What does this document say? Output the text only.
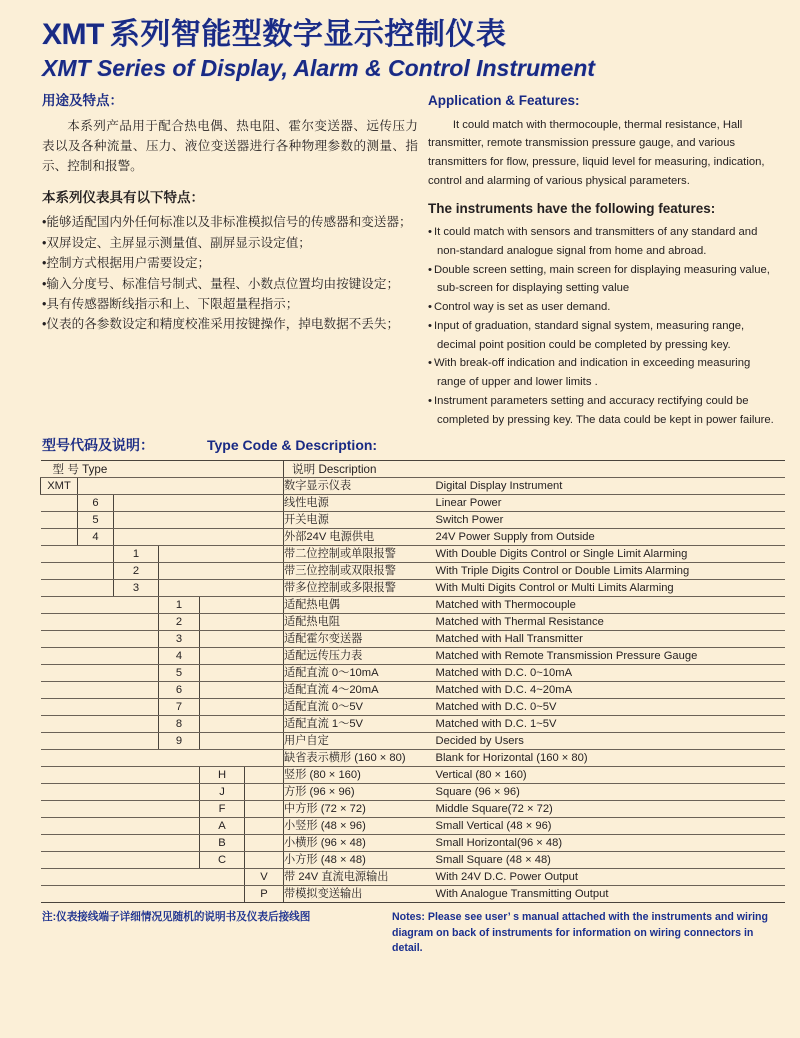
XMT 系列智能型数字显示控制仪表
XMT Series of Display, Alarm & Control Instrument
用途及特点：
本系列产品用于配合热电偶、热电阻、霍尔变送器、远传压力表以及各种流量、压力、液位变送器进行各种物理参数的测量、指示、控制和报警。
本系列仪表具有以下特点：
• 能够适配国内外任何标准以及非标准模拟信号的传感器和变送器；
• 双屏设定、主屏显示测量值、副屏显示设定值；
• 控制方式根据用户需要设定；
• 输入分度号、标准信号制式、量程、小数点位置均由按键设定；
• 具有传感器断线指示和上、下限超量程指示；
• 仪表的各参数设定和精度校准采用按键操作，掉电数据不丢失；
Application & Features:
It could match with thermocouple, thermal resistance, Hall transmitter, remote transmission pressure gauge, and various transmitters for flow, pressure, liquid level for measuring, indication, control and alarming of various physical parameters.
The instruments have the following features:
• It could match with sensors and transmitters of any standard and non-standard analogue signal from home and abroad.
• Double screen setting, main screen for displaying measuring value, sub-screen for displaying setting value
• Control way is set as user demand.
• Input of graduation, standard signal system, measuring range, decimal point position could be completed by pressing key.
• With break-off indication and indication in exceeding measuring range of upper and lower limits .
• Instrument parameters setting and accuracy rectifying could be completed by pressing key. The data could be kept in power failure.
型号代码及说明：	Type Code & Description:
型 号 Type						说明 Description	
XMT						数字显示仪表	Digital Display Instrument
	6					线性电源	Linear Power
	5					开关电源	Switch Power
	4					外部24V 电源供电	24V Power Supply from Outside
		1				带二位控制或单限报警	With Double Digits Control or Single Limit Alarming
		2				带三位控制或双限报警	With Triple Digits Control or Double Limits Alarming
		3				带多位控制或多限报警	With Multi Digits Control or Multi Limits Alarming
			1			适配热电偶	Matched with Thermocouple
			2			适配热电阻	Matched with Thermal Resistance
			3			适配霍尔变送器	Matched with Hall Transmitter
			4			适配远传压力表	Matched with Remote Transmission Pressure Gauge
			5			适配直流 0～10mA	Matched with D.C. 0~10mA
			6			适配直流 4～20mA	Matched with D.C. 4~20mA
			7			适配直流 0～5V	Matched with D.C. 0~5V
			8			适配直流 1～5V	Matched with D.C. 1~5V
			9			用户自定	Decided by Users
						缺省表示横形 (160 × 80)	Blank for Horizontal (160 × 80)
				H		竖形 (80 × 160)	Vertical (80 × 160)
				J		方形 (96 × 96)	Square (96 × 96)
				F		中方形 (72 × 72)	Middle Square(72 × 72)
				A		小竖形 (48 × 96)	Small Vertical (48 × 96)
				B		小横形 (96 × 48)	Small Horizontal(96 × 48)
				C		小方形 (48 × 48)	Small Square (48 × 48)
					V	带 24V 直流电源输出	With 24V D.C. Power Output
					P	带模拟变送输出	With Analogue Transmitting Output
注:仪表接线端子详细情况见随机的说明书及仪表后接线图	Notes: Please see user’ s manual attached with the instruments and wiring diagram on back of instruments for information on wiring connectors in detail.
